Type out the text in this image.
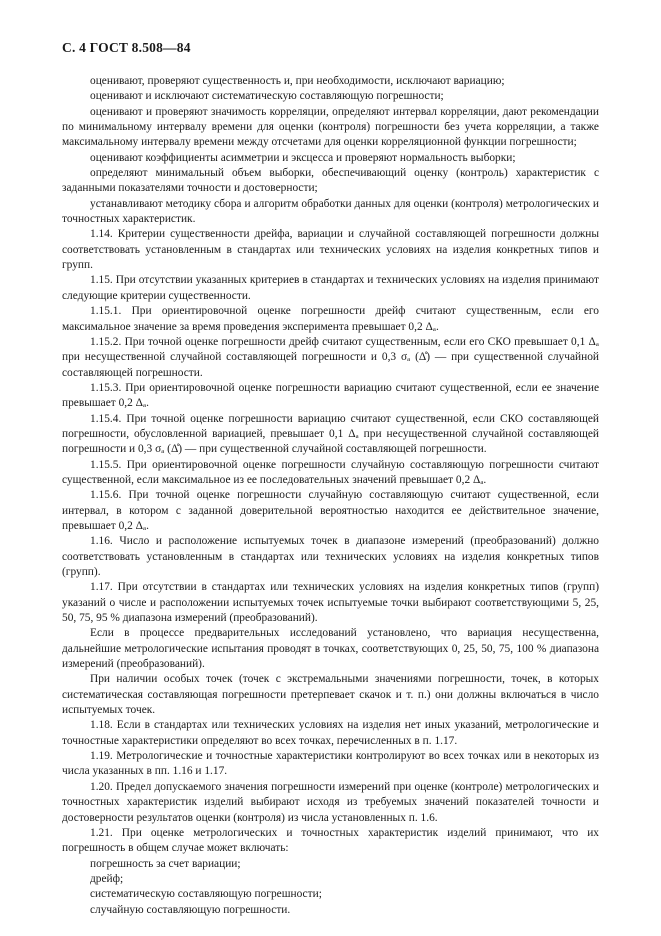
С. 4 ГОСТ 8.508—84

оценивают, проверяют существенность и, при необходимости, исключают вариацию;

оценивают и исключают систематическую составляющую погрешности;

оценивают и проверяют значимость корреляции, определяют интервал корреляции, дают рекомендации по минимальному интервалу времени для оценки (контроля) погрешности без учета корреляции, а также максимальному интервалу времени между отсчетами для оценки корреляционной функции погрешности;

оценивают коэффициенты асимметрии и эксцесса и проверяют нормальность выборки;

определяют минимальный объем выборки, обеспечивающий оценку (контроль) характеристик с заданными показателями точности и достоверности;

устанавливают методику сбора и алгоритм обработки данных для оценки (контроля) метрологических и точностных характеристик.

1.14. Критерии существенности дрейфа, вариации и случайной составляющей погрешности должны соответствовать установленным в стандартах или технических условиях на изделия конкретных типов и групп.

1.15. При отсутствии указанных критериев в стандартах и технических условиях на изделия принимают следующие критерии существенности.

1.15.1. При ориентировочной оценке погрешности дрейф считают существенным, если его максимальное значение за время проведения эксперимента превышает 0,2 Δₐ.

1.15.2. При точной оценке погрешности дрейф считают существенным, если его СКО превышает 0,1 Δₐ при несущественной случайной составляющей погрешности и 0,3 σₐ (Δ̊) — при существенной случайной составляющей погрешности.

1.15.3. При ориентировочной оценке погрешности вариацию считают существенной, если ее значение превышает 0,2 Δₐ.

1.15.4. При точной оценке погрешности вариацию считают существенной, если СКО составляющей погрешности, обусловленной вариацией, превышает 0,1 Δₐ при несущественной случайной составляющей погрешности и 0,3 σₐ (Δ̊) — при существенной случайной составляющей погрешности.

1.15.5. При ориентировочной оценке погрешности случайную составляющую погрешности считают существенной, если максимальное из ее последовательных значений превышает 0,2 Δₐ.

1.15.6. При точной оценке погрешности случайную составляющую считают существенной, если интервал, в котором с заданной доверительной вероятностью находится ее действительное значение, превышает 0,2 Δₐ.

1.16. Число и расположение испытуемых точек в диапазоне измерений (преобразований) должно соответствовать установленным в стандартах или технических условиях на изделия конкретных типов (групп).

1.17. При отсутствии в стандартах или технических условиях на изделия конкретных типов (групп) указаний о числе и расположении испытуемых точек испытуемые точки выбирают соответствующими 5, 25, 50, 75, 95 % диапазона измерений (преобразований).

Если в процессе предварительных исследований установлено, что вариация несущественна, дальнейшие метрологические испытания проводят в точках, соответствующих 0, 25, 50, 75, 100 % диапазона измерений (преобразований).

При наличии особых точек (точек с экстремальными значениями погрешности, точек, в которых систематическая составляющая погрешности претерпевает скачок и т. п.) они должны включаться в число испытуемых точек.

1.18. Если в стандартах или технических условиях на изделия нет иных указаний, метрологические и точностные характеристики определяют во всех точках, перечисленных в п. 1.17.

1.19. Метрологические и точностные характеристики контролируют во всех точках или в некоторых из числа указанных в пп. 1.16 и 1.17.

1.20. Предел допускаемого значения погрешности измерений при оценке (контроле) метрологических и точностных характеристик изделий выбирают исходя из требуемых значений показателей точности и достоверности результатов оценки (контроля) из числа установленных п. 1.6.

1.21. При оценке метрологических и точностных характеристик изделий принимают, что их погрешность в общем случае может включать:

погрешность за счет вариации;

дрейф;

систематическую составляющую погрешности;

случайную составляющую погрешности.
